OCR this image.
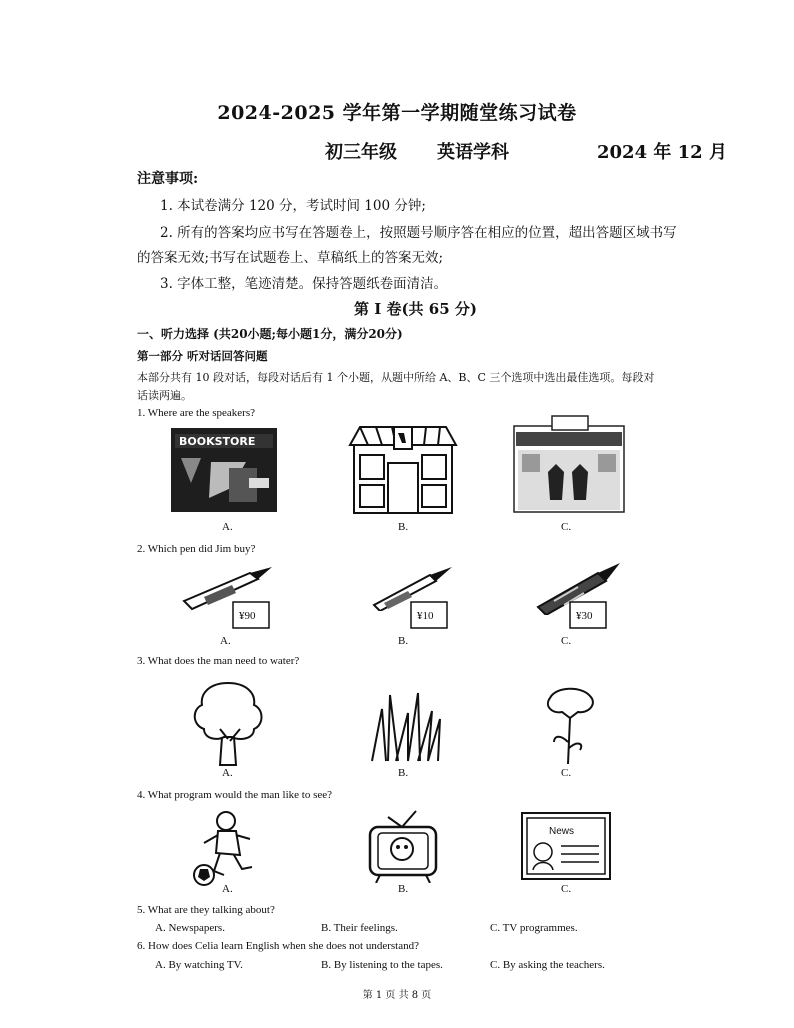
2024-2025 学年第一学期随堂练习试卷
初三年级 英语学科	2024 年 12 月
注意事项:
1. 本试卷满分 120 分，考试时间 100 分钟;
2. 所有的答案均应书写在答题卷上，按照题号顺序答在相应的位置，超出答题区域书写
的答案无效;书写在试题卷上、草稿纸上的答案无效;
3. 字体工整，笔迹清楚。保持答题纸卷面清洁。
第 I 卷(共 65 分)
一、听力选择 (共20小题;每小题1分，满分20分)
第一部分 听对话回答问题
本部分共有 10 段对话，每段对话后有 1 个小题，从题中所给 A、B、C 三个选项中选出最佳选项。每段对
话读两遍。
1. Where are the speakers?
BOOKSTORE
A.	B.	C.
2. Which pen did Jim buy?
¥90	¥10	¥30
A.	B.	C.
3. What does the man need to water?
A.	B.	C.
4. What program would the man like to see?
News
A.	B.	C.
5. What are they talking about?
A. Newspapers.	B. Their feelings.	C. TV programmes.
6. How does Celia learn English when she does not understand?
A. By watching TV.	B. By listening to the tapes.	C. By asking the teachers.
第 1 页 共 8 页
